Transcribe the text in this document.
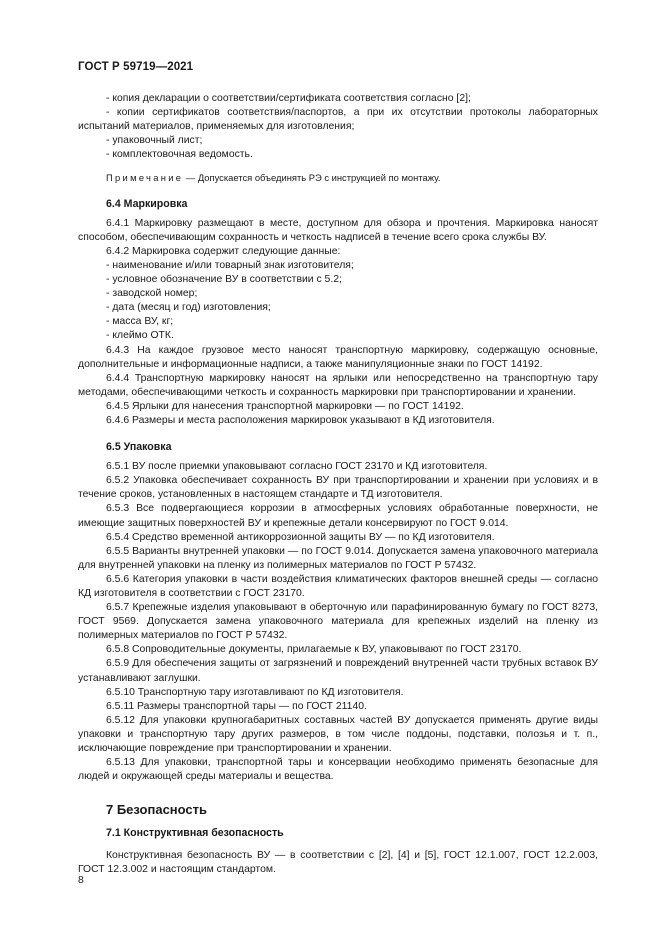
ГОСТ Р 59719—2021

- копия декларации о соответствии/сертификата соответствия согласно [2];

- копии сертификатов соответствия/паспортов, а при их отсутствии протоколы лабораторных испытаний материалов, применяемых для изготовления;

- упаковочный лист;

- комплектовочная ведомость.

Примечание — Допускается объединять РЭ с инструкцией по монтажу.

6.4 Маркировка

6.4.1 Маркировку размещают в месте, доступном для обзора и прочтения. Маркировка наносят способом, обеспечивающим сохранность и четкость надписей в течение всего срока службы ВУ.

6.4.2 Маркировка содержит следующие данные:

- наименование и/или товарный знак изготовителя;

- условное обозначение ВУ в соответствии с 5.2;

- заводской номер;

- дата (месяц и год) изготовления;

- масса ВУ, кг;

- клеймо ОТК.

6.4.3 На каждое грузовое место наносят транспортную маркировку, содержащую основные, дополнительные и информационные надписи, а также манипуляционные знаки по ГОСТ 14192.

6.4.4 Транспортную маркировку наносят на ярлыки или непосредственно на транспортную тару методами, обеспечивающими четкость и сохранность маркировки при транспортировании и хранении.

6.4.5 Ярлыки для нанесения транспортной маркировки — по ГОСТ 14192.

6.4.6 Размеры и места расположения маркировок указывают в КД изготовителя.

6.5 Упаковка

6.5.1 ВУ после приемки упаковывают согласно ГОСТ 23170 и КД изготовителя.

6.5.2 Упаковка обеспечивает сохранность ВУ при транспортировании и хранении при условиях и в течение сроков, установленных в настоящем стандарте и ТД изготовителя.

6.5.3 Все подвергающиеся коррозии в атмосферных условиях обработанные поверхности, не имеющие защитных поверхностей ВУ и крепежные детали консервируют по ГОСТ 9.014.

6.5.4 Средство временной антикоррозионной защиты ВУ — по КД изготовителя.

6.5.5 Варианты внутренней упаковки — по ГОСТ 9.014. Допускается замена упаковочного материала для внутренней упаковки на пленку из полимерных материалов по ГОСТ Р 57432.

6.5.6 Категория упаковки в части воздействия климатических факторов внешней среды — согласно КД изготовителя в соответствии с ГОСТ 23170.

6.5.7 Крепежные изделия упаковывают в оберточную или парафинированную бумагу по ГОСТ 8273, ГОСТ 9569. Допускается замена упаковочного материала для крепежных изделий на пленку из полимерных материалов по ГОСТ Р 57432.

6.5.8 Сопроводительные документы, прилагаемые к ВУ, упаковывают по ГОСТ 23170.

6.5.9 Для обеспечения защиты от загрязнений и повреждений внутренней части трубных вставок ВУ устанавливают заглушки.

6.5.10 Транспортную тару изготавливают по КД изготовителя.

6.5.11 Размеры транспортной тары — по ГОСТ 21140.

6.5.12 Для упаковки крупногабаритных составных частей ВУ допускается применять другие виды упаковки и транспортную тару других размеров, в том числе поддоны, подставки, полозья и т. п., исключающие повреждение при транспортировании и хранении.

6.5.13 Для упаковки, транспортной тары и консервации необходимо применять безопасные для людей и окружающей среды материалы и вещества.

7 Безопасность
7.1 Конструктивная безопасность

Конструктивная безопасность ВУ — в соответствии с [2], [4] и [5], ГОСТ 12.1.007, ГОСТ 12.2.003, ГОСТ 12.3.002 и настоящим стандартом.

8
